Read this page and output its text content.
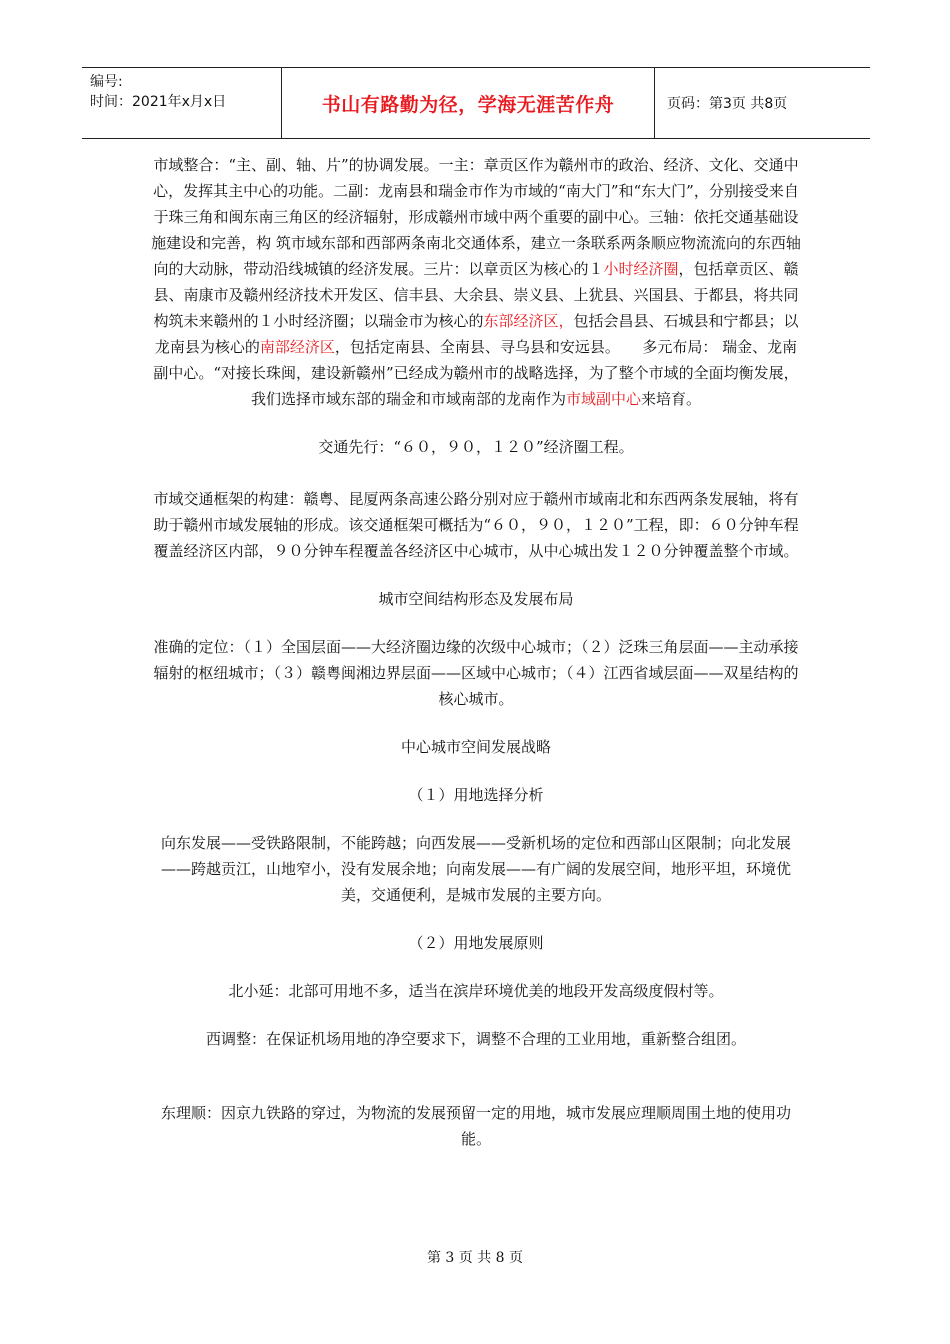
编号:
时间：2021年x月x日	书山有路勤为径，学海无涯苦作舟	页码：第3页 共8页

市域整合：“主、副、轴、片”的协调发展。一主：章贡区作为赣州市的政治、经济、文化、交通中心，发挥其主中心的功能。二副：龙南县和瑞金市作为市域的“南大门”和“东大门”，分别接受来自于珠三角和闽东南三角区的经济辐射，形成赣州市域中两个重要的副中心。三轴：依托交通基础设施建设和完善，构 筑市域东部和西部两条南北交通体系，建立一条联系两条顺应物流流向的东西轴向的大动脉，带动沿线城镇的经济发展。三片：以章贡区为核心的１小时经济圈，包括章贡区、赣县、南康市及赣州经济技术开发区、信丰县、大余县、崇义县、上犹县、兴国县、于都县，将共同构筑未来赣州的１小时经济圈；以瑞金市为核心的东部经济区，包括会昌县、石城县和宁都县；以龙南县为核心的南部经济区，包括定南县、全南县、寻乌县和安远县。　　多元布局： 瑞金、龙南副中心。“对接长珠闽，建设新赣州”已经成为赣州市的战略选择，为了整个市域的全面均衡发展，我们选择市域东部的瑞金和市域南部的龙南作为市域副中心来培育。

交通先行：“６０，９０，１２０”经济圈工程。

市域交通框架的构建：赣粤、昆厦两条高速公路分别对应于赣州市域南北和东西两条发展轴，将有助于赣州市域发展轴的形成。该交通框架可概括为“６０，９０，１２０”工程，即：６０分钟车程覆盖经济区内部，９０分钟车程覆盖各经济区中心城市，从中心城出发１２０分钟覆盖整个市域。

城市空间结构形态及发展布局

准确的定位：（１）全国层面——大经济圈边缘的次级中心城市；（２）泛珠三角层面——主动承接辐射的枢纽城市；（３）赣粤闽湘边界层面——区域中心城市；（４）江西省域层面——双星结构的核心城市。

中心城市空间发展战略

（１）用地选择分析

向东发展——受铁路限制，不能跨越；向西发展——受新机场的定位和西部山区限制；向北发展——跨越贡江，山地窄小，没有发展余地；向南发展——有广阔的发展空间，地形平坦，环境优美，交通便利，是城市发展的主要方向。

（２）用地发展原则

北小延：北部可用地不多，适当在滨岸环境优美的地段开发高级度假村等。

西调整：在保证机场用地的净空要求下，调整不合理的工业用地，重新整合组团。

东理顺：因京九铁路的穿过，为物流的发展预留一定的用地，城市发展应理顺周围土地的使用功能。

第 3 页 共 8 页
